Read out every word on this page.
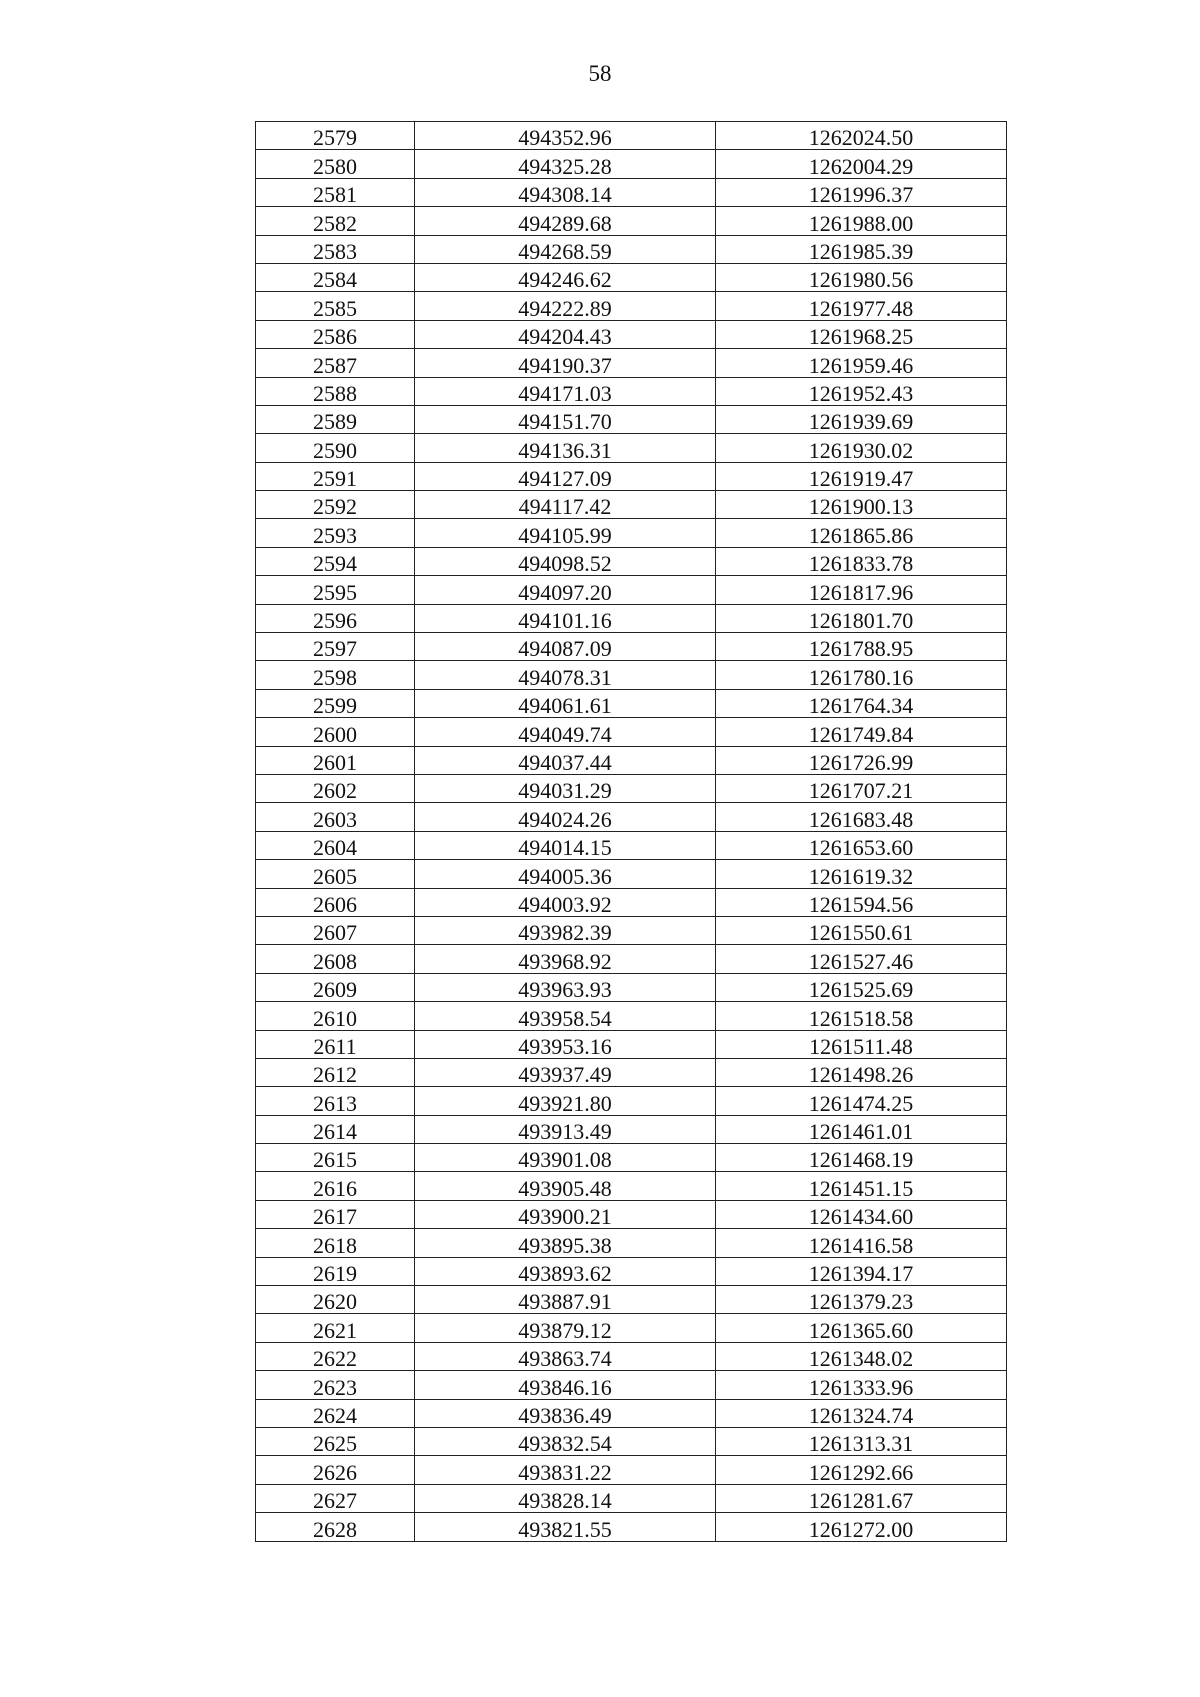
58
2579	494352.96	1262024.50
2580	494325.28	1262004.29
2581	494308.14	1261996.37
2582	494289.68	1261988.00
2583	494268.59	1261985.39
2584	494246.62	1261980.56
2585	494222.89	1261977.48
2586	494204.43	1261968.25
2587	494190.37	1261959.46
2588	494171.03	1261952.43
2589	494151.70	1261939.69
2590	494136.31	1261930.02
2591	494127.09	1261919.47
2592	494117.42	1261900.13
2593	494105.99	1261865.86
2594	494098.52	1261833.78
2595	494097.20	1261817.96
2596	494101.16	1261801.70
2597	494087.09	1261788.95
2598	494078.31	1261780.16
2599	494061.61	1261764.34
2600	494049.74	1261749.84
2601	494037.44	1261726.99
2602	494031.29	1261707.21
2603	494024.26	1261683.48
2604	494014.15	1261653.60
2605	494005.36	1261619.32
2606	494003.92	1261594.56
2607	493982.39	1261550.61
2608	493968.92	1261527.46
2609	493963.93	1261525.69
2610	493958.54	1261518.58
2611	493953.16	1261511.48
2612	493937.49	1261498.26
2613	493921.80	1261474.25
2614	493913.49	1261461.01
2615	493901.08	1261468.19
2616	493905.48	1261451.15
2617	493900.21	1261434.60
2618	493895.38	1261416.58
2619	493893.62	1261394.17
2620	493887.91	1261379.23
2621	493879.12	1261365.60
2622	493863.74	1261348.02
2623	493846.16	1261333.96
2624	493836.49	1261324.74
2625	493832.54	1261313.31
2626	493831.22	1261292.66
2627	493828.14	1261281.67
2628	493821.55	1261272.00
